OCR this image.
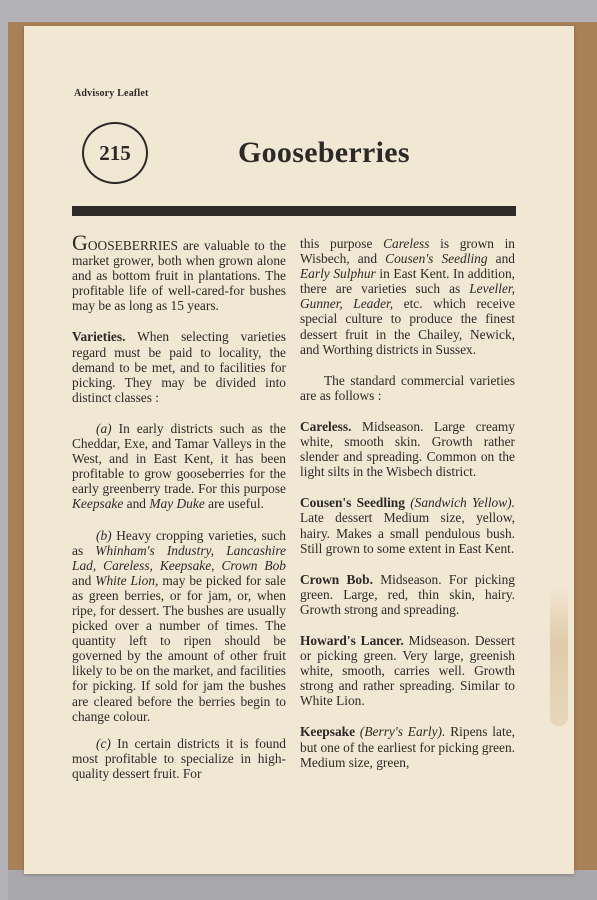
Advisory Leaflet
215	Gooseberries

GOOSEBERRIES are valuable to the market grower, both when grown alone and as bottom fruit in plantations. The profitable life of well-cared-for bushes may be as long as 15 years.

Varieties. When selecting varieties regard must be paid to locality, the demand to be met, and to facilities for picking. They may be divided into distinct classes :

(a) In early districts such as the Cheddar, Exe, and Tamar Valleys in the West, and in East Kent, it has been profitable to grow gooseberries for the early greenberry trade. For this purpose Keepsake and May Duke are useful.

(b) Heavy cropping varieties, such as Whinham's Industry, Lancashire Lad, Careless, Keepsake, Crown Bob and White Lion, may be picked for sale as green berries, or for jam, or, when ripe, for dessert. The bushes are usually picked over a number of times. The quantity left to ripen should be governed by the amount of other fruit likely to be on the market, and facilities for picking. If sold for jam the bushes are cleared before the berries begin to change colour.

(c) In certain districts it is found most profitable to specialize in high-quality dessert fruit. For

this purpose Careless is grown in Wisbech, and Cousen's Seedling and Early Sulphur in East Kent. In addition, there are varieties such as Leveller, Gunner, Leader, etc. which receive special culture to produce the finest dessert fruit in the Chailey, Newick, and Worthing districts in Sussex.

The standard commercial varieties are as follows :

Careless. Midseason. Large creamy white, smooth skin. Growth rather slender and spreading. Common on the light silts in the Wisbech district.

Cousen's Seedling (Sandwich Yellow). Late dessert Medium size, yellow, hairy. Makes a small pendulous bush. Still grown to some extent in East Kent.

Crown Bob. Midseason. For picking green. Large, red, thin skin, hairy. Growth strong and spreading.

Howard's Lancer. Midseason. Dessert or picking green. Very large, greenish white, smooth, carries well. Growth strong and rather spreading. Similar to White Lion.

Keepsake (Berry's Early). Ripens late, but one of the earliest for picking green. Medium size, green,
